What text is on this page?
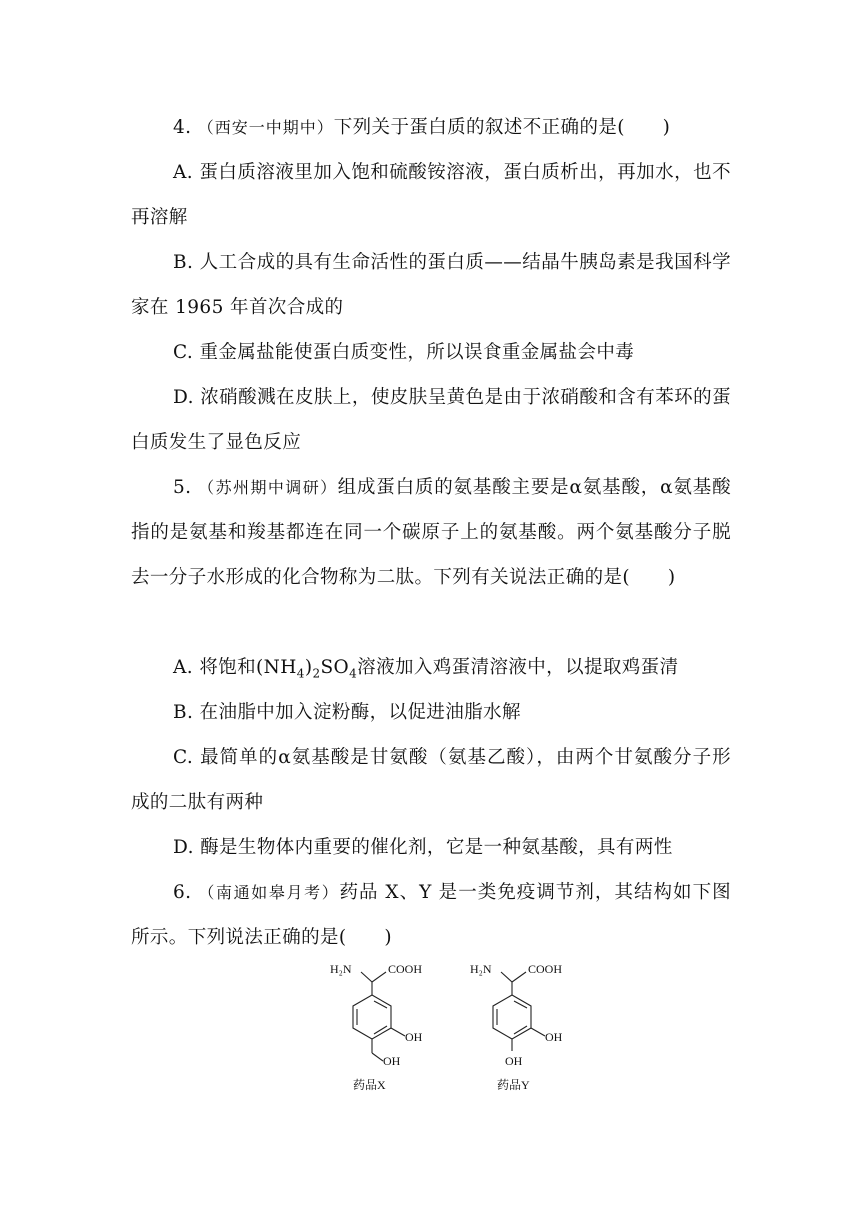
4. （西安一中期中）下列关于蛋白质的叙述不正确的是(　　)
A. 蛋白质溶液里加入饱和硫酸铵溶液，蛋白质析出，再加水，也不再溶解
B. 人工合成的具有生命活性的蛋白质——结晶牛胰岛素是我国科学家在 1965 年首次合成的
C. 重金属盐能使蛋白质变性，所以误食重金属盐会中毒
D. 浓硝酸溅在皮肤上，使皮肤呈黄色是由于浓硝酸和含有苯环的蛋白质发生了显色反应
5. （苏州期中调研）组成蛋白质的氨基酸主要是α氨基酸，α氨基酸指的是氨基和羧基都连在同一个碳原子上的氨基酸。两个氨基酸分子脱去一分子水形成的化合物称为二肽。下列有关说法正确的是(　　)
A. 将饱和$(NH_4)_2SO_4$溶液加入鸡蛋清溶液中，以提取鸡蛋清
B. 在油脂中加入淀粉酶，以促进油脂水解
C. 最简单的α氨基酸是甘氨酸（氨基乙酸），由两个甘氨酸分子形成的二肽有两种
D. 酶是生物体内重要的催化剂，它是一种氨基酸，具有两性
6. （南通如皋月考）药品 X、Y 是一类免疫调节剂，其结构如下图所示。下列说法正确的是(　　)
H₂N	COOH
OH
OH
药品X
H₂N	COOH
OH
OH
药品Y
